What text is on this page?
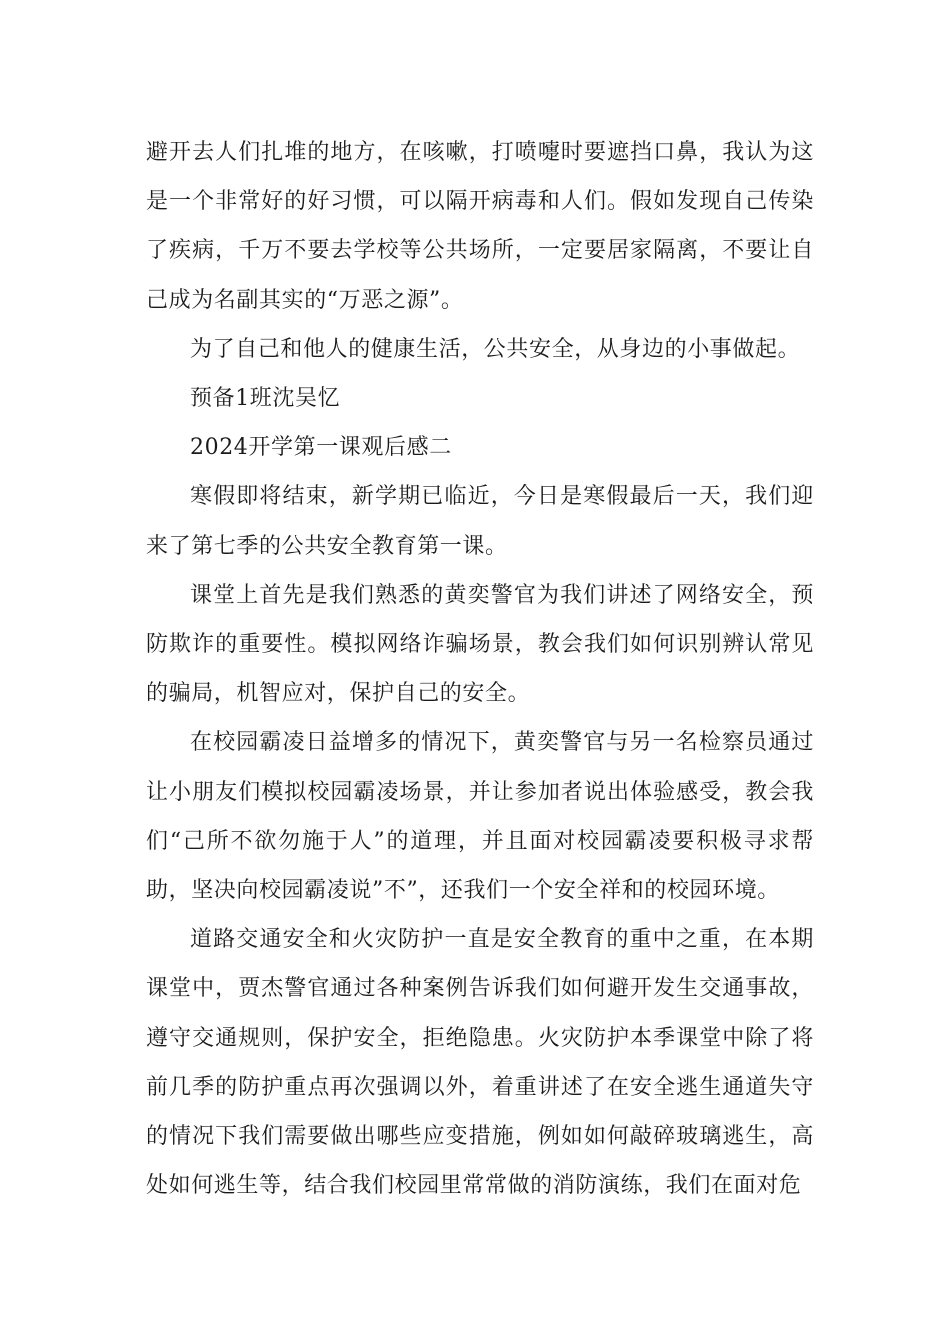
避开去人们扎堆的地方，在咳嗽，打喷嚏时要遮挡口鼻，我认为这是一个非常好的好习惯，可以隔开病毒和人们。假如发现自己传染了疾病，千万不要去学校等公共场所，一定要居家隔离，不要让自己成为名副其实的“万恶之源”。

为了自己和他人的健康生活，公共安全，从身边的小事做起。

预备1班沈吴忆

2024开学第一课观后感二

寒假即将结束，新学期已临近，今日是寒假最后一天，我们迎来了第七季的公共安全教育第一课。

课堂上首先是我们熟悉的黄奕警官为我们讲述了网络安全，预防欺诈的重要性。模拟网络诈骗场景，教会我们如何识别辨认常见的骗局，机智应对，保护自己的安全。

在校园霸凌日益增多的情况下，黄奕警官与另一名检察员通过让小朋友们模拟校园霸凌场景，并让参加者说出体验感受，教会我们“己所不欲勿施于人”的道理，并且面对校园霸凌要积极寻求帮助，坚决向校园霸凌说”不”，还我们一个安全祥和的校园环境。

道路交通安全和火灾防护一直是安全教育的重中之重，在本期课堂中，贾杰警官通过各种案例告诉我们如何避开发生交通事故，遵守交通规则，保护安全，拒绝隐患。火灾防护本季课堂中除了将前几季的防护重点再次强调以外，着重讲述了在安全逃生通道失守的情况下我们需要做出哪些应变措施，例如如何敲碎玻璃逃生，高处如何逃生等，结合我们校园里常常做的消防演练，我们在面对危
